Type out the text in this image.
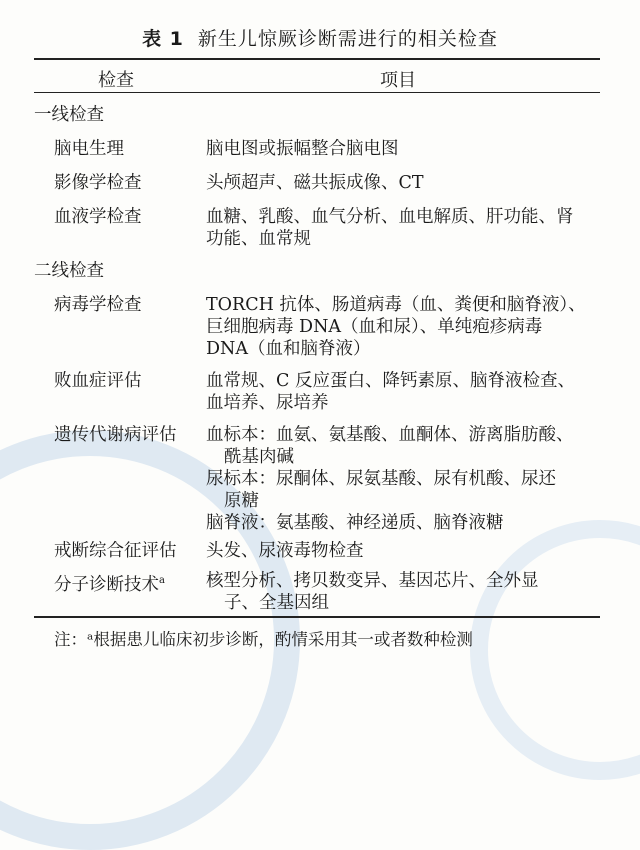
表 1 新生儿惊厥诊断需进行的相关检查
检查	项目
一线检查
脑电生理	脑电图或振幅整合脑电图
影像学检查	头颅超声、磁共振成像、CT
血液学检查	血糖、乳酸、血气分析、血电解质、肝功能、肾
功能、血常规
二线检查
病毒学检查	TORCH 抗体、肠道病毒（血、粪便和脑脊液）、
巨细胞病毒 DNA（血和尿）、单纯疱疹病毒
DNA（血和脑脊液）
败血症评估	血常规、C 反应蛋白、降钙素原、脑脊液检查、
血培养、尿培养
遗传代谢病评估 血标本：血氨、氨基酸、血酮体、游离脂肪酸、
酰基肉碱
尿标本：尿酮体、尿氨基酸、尿有机酸、尿还
原糖
脑脊液：氨基酸、神经递质、脑脊液糖
戒断综合征评估 头发、尿液毒物检查
分子诊断技术$^a$ 核型分析、拷贝数变异、基因芯片、全外显
子、全基因组
注：ᵃ根据患儿临床初步诊断，酌情采用其一或者数种检测
